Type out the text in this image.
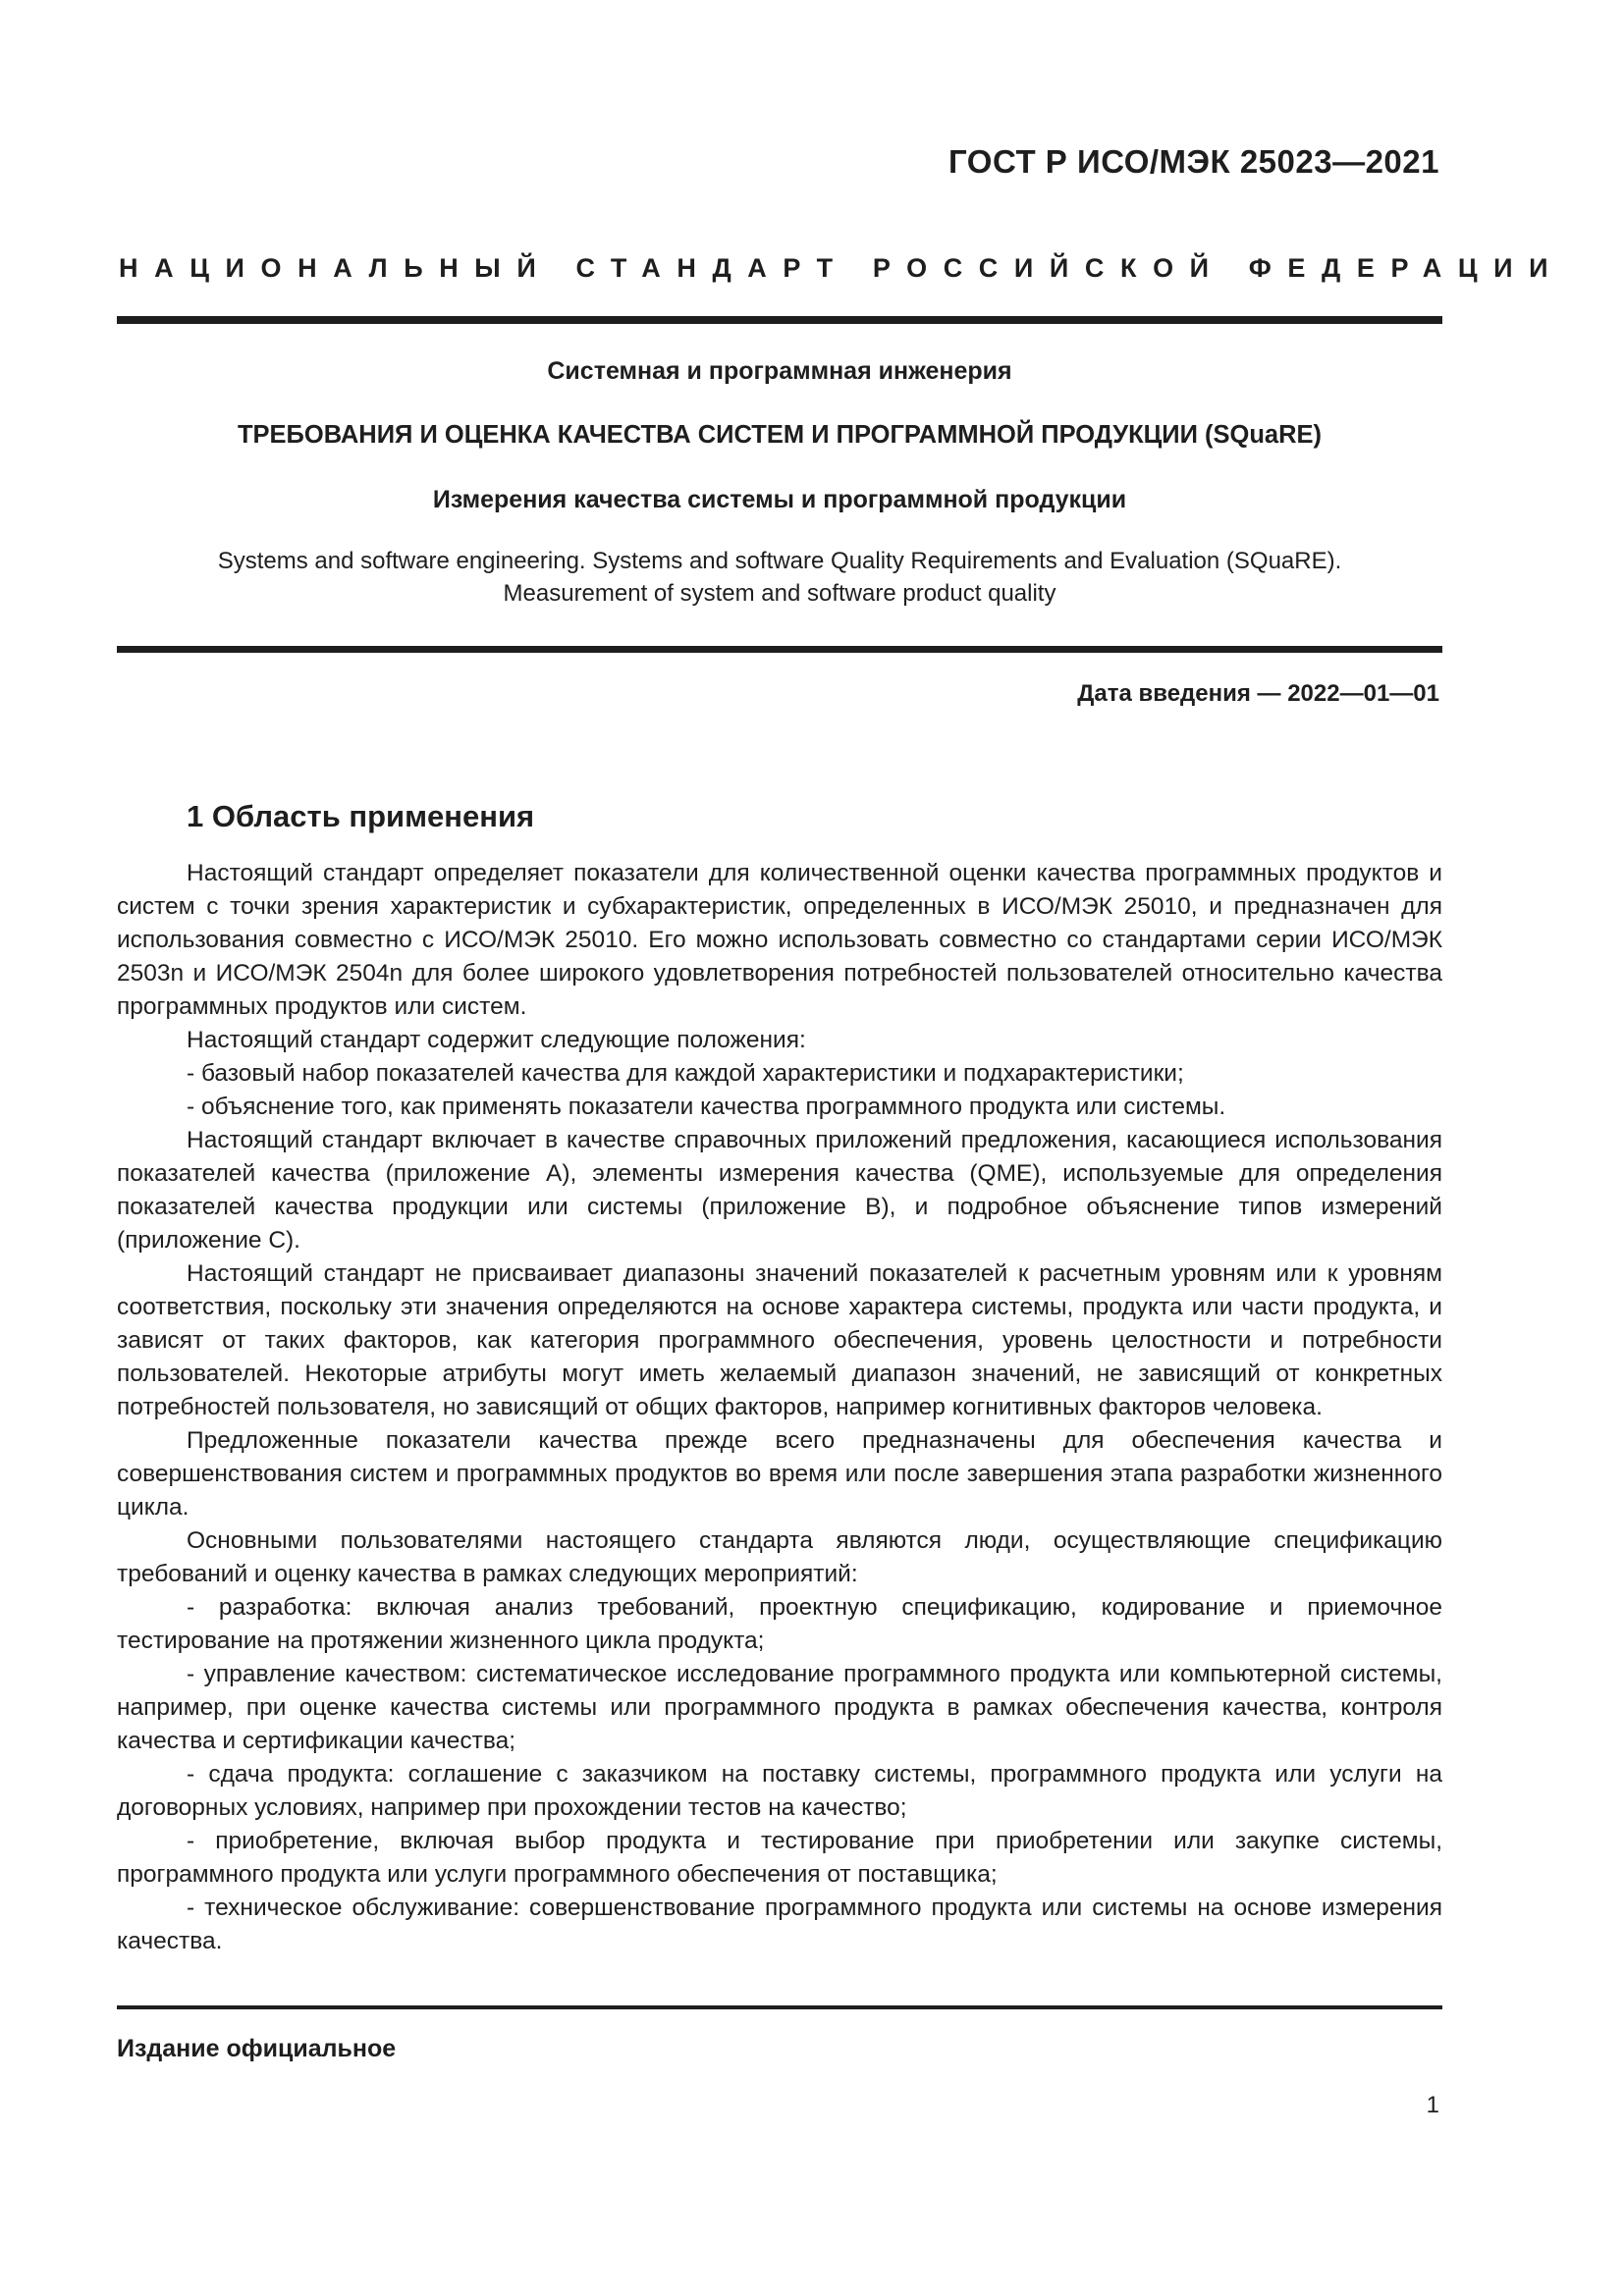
ГОСТ Р ИСО/МЭК 25023—2021
НАЦИОНАЛЬНЫЙ СТАНДАРТ РОССИЙСКОЙ ФЕДЕРАЦИИ
Системная и программная инженерия
ТРЕБОВАНИЯ И ОЦЕНКА КАЧЕСТВА СИСТЕМ И ПРОГРАММНОЙ ПРОДУКЦИИ (SQuaRE)
Измерения качества системы и программной продукции
Systems and software engineering. Systems and software Quality Requirements and Evaluation (SQuaRE).
Measurement of system and software product quality
Дата введения — 2022—01—01
1 Область применения

Настоящий стандарт определяет показатели для количественной оценки качества программных продуктов и систем с точки зрения характеристик и субхарактеристик, определенных в ИСО/МЭК 25010, и предназначен для использования совместно с ИСО/МЭК 25010. Его можно использовать совместно со стандартами серии ИСО/МЭК 2503n и ИСО/МЭК 2504n для более широкого удовлетворения потребностей пользователей относительно качества программных продуктов или систем.

Настоящий стандарт содержит следующие положения:

- базовый набор показателей качества для каждой характеристики и подхарактеристики;

- объяснение того, как применять показатели качества программного продукта или системы.

Настоящий стандарт включает в качестве справочных приложений предложения, касающиеся использования показателей качества (приложение А), элементы измерения качества (QME), используемые для определения показателей качества продукции или системы (приложение В), и подробное объяснение типов измерений (приложение С).

Настоящий стандарт не присваивает диапазоны значений показателей к расчетным уровням или к уровням соответствия, поскольку эти значения определяются на основе характера системы, продукта или части продукта, и зависят от таких факторов, как категория программного обеспечения, уровень целостности и потребности пользователей. Некоторые атрибуты могут иметь желаемый диапазон значений, не зависящий от конкретных потребностей пользователя, но зависящий от общих факторов, например когнитивных факторов человека.

Предложенные показатели качества прежде всего предназначены для обеспечения качества и совершенствования систем и программных продуктов во время или после завершения этапа разработки жизненного цикла.

Основными пользователями настоящего стандарта являются люди, осуществляющие спецификацию требований и оценку качества в рамках следующих мероприятий:

- разработка: включая анализ требований, проектную спецификацию, кодирование и приемочное тестирование на протяжении жизненного цикла продукта;

- управление качеством: систематическое исследование программного продукта или компьютерной системы, например, при оценке качества системы или программного продукта в рамках обеспечения качества, контроля качества и сертификации качества;

- сдача продукта: соглашение с заказчиком на поставку системы, программного продукта или услуги на договорных условиях, например при прохождении тестов на качество;

- приобретение, включая выбор продукта и тестирование при приобретении или закупке системы, программного продукта или услуги программного обеспечения от поставщика;

- техническое обслуживание: совершенствование программного продукта или системы на основе измерения качества.

Издание официальное
1
